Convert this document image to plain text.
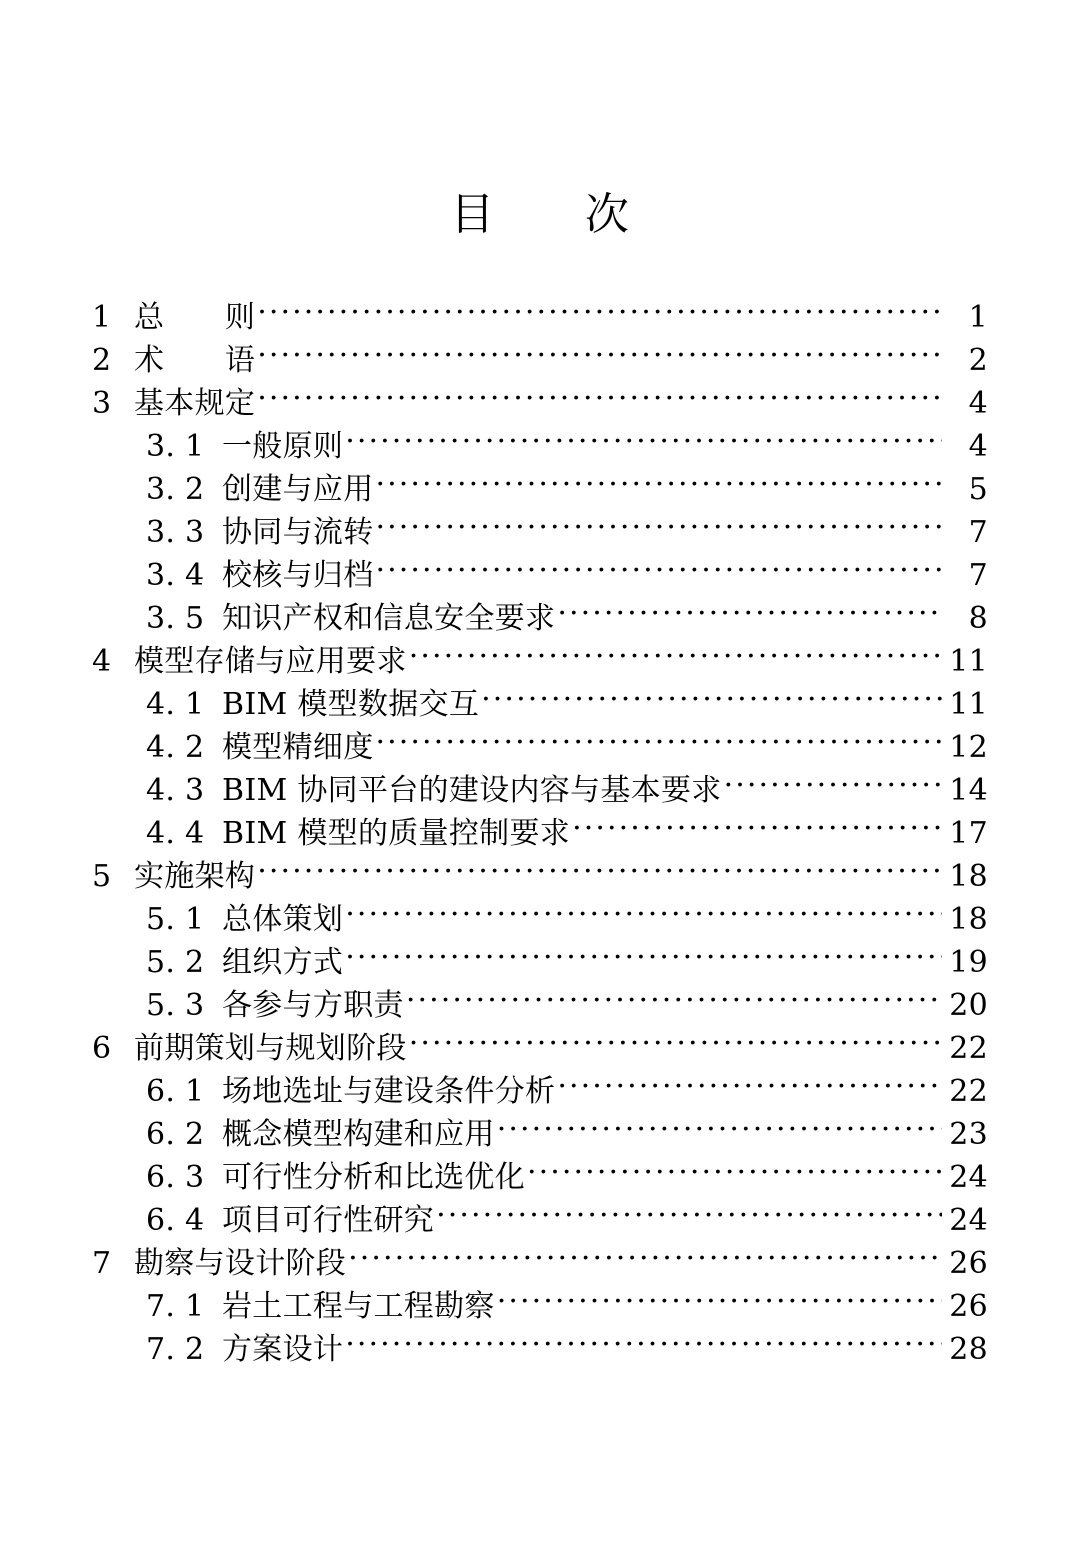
目　　次
1 总　　则 .....	1
2 术　　语 .....	2
3 基本规定 .....	4
3. 1 一般原则 .....	4
3. 2 创建与应用 .....	5
3. 3 协同与流转 .....	7
3. 4 校核与归档 .....	7
3. 5 知识产权和信息安全要求 .....	8
4 模型存储与应用要求 .....	11
4. 1 BIM 模型数据交互 .....	11
4. 2 模型精细度 .....	12
4. 3 BIM 协同平台的建设内容与基本要求 .....	14
4. 4 BIM 模型的质量控制要求 .....	17
5 实施架构 .....	18
5. 1 总体策划 .....	18
5. 2 组织方式 .....	19
5. 3 各参与方职责 .....	20
6 前期策划与规划阶段 .....	22
6. 1 场地选址与建设条件分析 .....	22
6. 2 概念模型构建和应用 .....	23
6. 3 可行性分析和比选优化 .....	24
6. 4 项目可行性研究 .....	24
7 勘察与设计阶段 .....	26
7. 1 岩土工程与工程勘察 .....	26
7. 2 方案设计 .....	28
